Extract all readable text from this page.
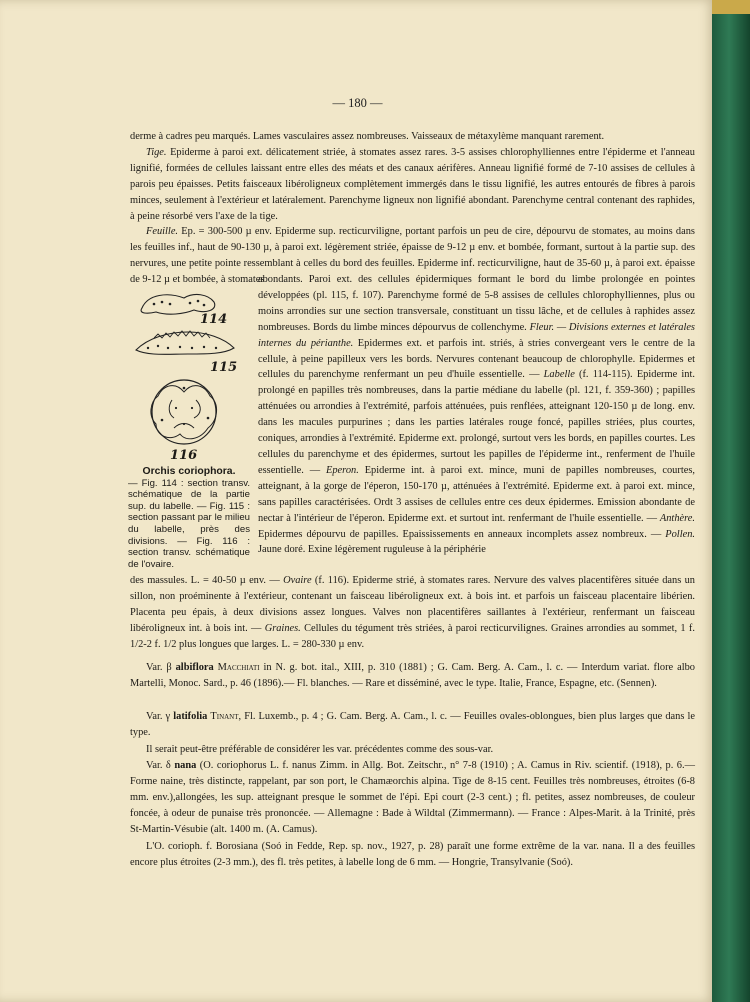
— 180 —

derme à cadres peu marqués. Lames vasculaires assez nombreuses. Vaisseaux de métaxylème manquant rarement.

Tige. Epiderme à paroi ext. délicatement striée, à stomates assez rares. 3-5 assises chlorophylliennes entre l'épiderme et l'anneau lignifié, formées de cellules laissant entre elles des méats et des canaux aérifères. Anneau lignifié formé de 7-10 assises de cellules à parois peu épaisses. Petits faisceaux libéroligneux complètement immergés dans le tissu lignifié, les autres entourés de fibres à parois minces, seulement à l'extérieur et latéralement. Parenchyme ligneux non lignifié abondant. Parenchyme central contenant des raphides, à peine résorbé vers l'axe de la tige.

Feuille. Ep. = 300-500 µ env. Epiderme sup. recticurviligne, portant parfois un peu de cire, dépourvu de stomates, au moins dans les feuilles inf., haut de 90-130 µ, à paroi ext. légèrement striée, épaisse de 9-12 µ env. et bombée, formant, surtout à la partie sup. des nervures, une petite pointe ressemblant à celles du bord des feuilles. Epiderme inf. recticurviligne, haut de 35-60 µ, à paroi ext. épaisse de 9-12 µ et bombée, à stomates

114
115
116
Orchis coriophora.
— Fig. 114 : section transv. schématique de la partie sup. du labelle. — Fig. 115 : section passant par le milieu du labelle, près des divisions. — Fig. 116 : section transv. schématique de l'ovaire.

abondants. Paroi ext. des cellules épidermiques formant le bord du limbe prolongée en pointes développées (pl. 115, f. 107). Parenchyme formé de 5-8 assises de cellules chlorophylliennes, plus ou moins arrondies sur une section transversale, constituant un tissu lâche, et de cellules à raphides assez nombreuses. Bords du limbe minces dépourvus de collenchyme. Fleur. — Divisions externes et latérales internes du périanthe. Epidermes ext. et parfois int. striés, à stries convergeant vers le centre de la cellule, à peine papilleux vers les bords. Nervures contenant beaucoup de chlorophylle. Epidermes et cellules du parenchyme renfermant un peu d'huile essentielle. — Labelle (f. 114-115). Epiderme int. prolongé en papilles très nombreuses, dans la partie médiane du labelle (pl. 121, f. 359-360) ; papilles atténuées ou arrondies à l'extrémité, parfois atténuées, puis renflées, atteignant 120-150 µ de long. env. dans les macules purpurines ; dans les parties latérales rouge foncé, papilles striées, plus courtes, coniques, arrondies à l'extrémité. Epiderme ext. prolongé, surtout vers les bords, en papilles courtes. Les cellules du parenchyme et des épidermes, surtout les papilles de l'épiderme int., renferment de l'huile essentielle. — Eperon. Epiderme int. à paroi ext. mince, muni de papilles nombreuses, courtes, atteignant, à la gorge de l'éperon, 150-170 µ, atténuées à l'extrémité. Epiderme ext. à paroi ext. mince, sans papilles caractérisées. Ordt 3 assises de cellules entre ces deux épidermes. Emission abondante de nectar à l'intérieur de l'éperon. Epiderme ext. et surtout int. renfermant de l'huile essentielle. — Anthère. Epidermes dépourvu de papilles. Epaississements en anneaux incomplets assez nombreux. — Pollen. Jaune doré. Exine légèrement ruguleuse à la périphérie

des massules. L. = 40-50 µ env. — Ovaire (f. 116). Epiderme strié, à stomates rares. Nervure des valves placentifères située dans un sillon, non proéminente à l'extérieur, contenant un faisceau libéroligneux ext. à bois int. et parfois un faisceau placentaire libérien. Placenta peu épais, à deux divisions assez longues. Valves non placentifères saillantes à l'extérieur, renfermant un faisceau libéroligneux int. à bois int. — Graines. Cellules du tégument très striées, à paroi recticurvilignes. Graines arrondies au sommet, 1 f. 1/2-2 f. 1/2 plus longues que larges. L. = 280-330 µ env.

Var. β albiflora Macchiati in N. g. bot. ital., XIII, p. 310 (1881) ; G. Cam. Berg. A. Cam., l. c. — Interdum variat. flore albo Martelli, Monoc. Sard., p. 46 (1896).— Fl. blanches. — Rare et disséminé, avec le type. Italie, France, Espagne, etc. (Sennen).

Var. γ latifolia Tinant, Fl. Luxemb., p. 4 ; G. Cam. Berg. A. Cam., l. c. — Feuilles ovales-oblongues, bien plus larges que dans le type.

Il serait peut-être préférable de considérer les var. précédentes comme des sous-var.

Var. δ nana (O. coriophorus L. f. nanus Zimm. in Allg. Bot. Zeitschr., n° 7-8 (1910) ; A. Camus in Riv. scientif. (1918), p. 6.— Forme naine, très distincte, rappelant, par son port, le Chamæorchis alpina. Tige de 8-15 cent. Feuilles très nombreuses, étroites (6-8 mm. env.),allongées, les sup. atteignant presque le sommet de l'épi. Epi court (2-3 cent.) ; fl. petites, assez nombreuses, de couleur foncée, à odeur de punaise très prononcée. — Allemagne : Bade à Wildtal (Zimmermann). — France : Alpes-Marit. à la Trinité, près St-Martin-Vésubie (alt. 1400 m. (A. Camus).

L'O. corioph. f. Borosiana (Soó in Fedde, Rep. sp. nov., 1927, p. 28) paraît une forme extrême de la var. nana. Il a des feuilles encore plus étroites (2-3 mm.), des fl. très petites, à labelle long de 6 mm. — Hongrie, Transylvanie (Soó).
